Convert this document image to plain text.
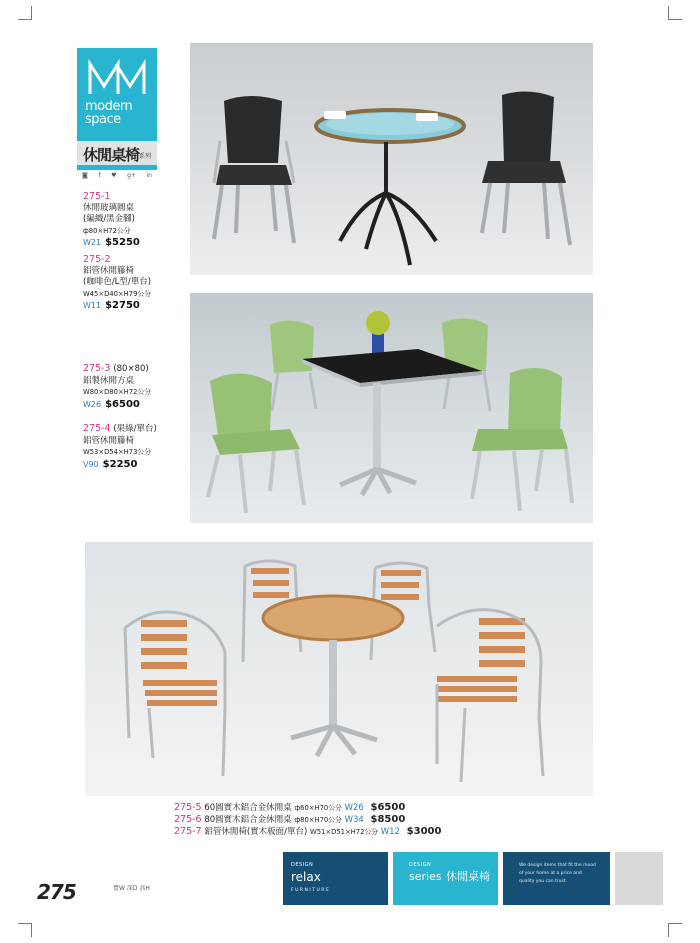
modern
space
休閒桌椅 系列
◙ f ♥ g+ in
275-1
休閒玻璃圓桌
(編織/黑金腳)
ф80×H72公分
W21 $5250
275-2
鋁管休閒籐椅
(咖啡色/L型/單台)
W45×D40×H79公分
W11 $2750
275-3 (80×80)
鋁製休閒方桌
W80×D80×H72公分
W26 $6500
275-4 (果綠/單台)
鋁管休閒籐椅
W53×D54×H73公分
V90 $2250
275-5 60圓實木鋁合金休閒桌 ф60×H70公分 W26 $6500
275-6 80圓實木鋁合金休閒桌 ф80×H70公分 W34 $8500
275-7 鋁管休閒椅(實木板面/單台) W51×D51×H72公分 W12 $3000
275	寬W 深D 高H
DESIGN
relax
FURNITURE
DESIGN
series 休閒桌椅
We design items that fit the mood
of your home at a price and
quality you can trust.
